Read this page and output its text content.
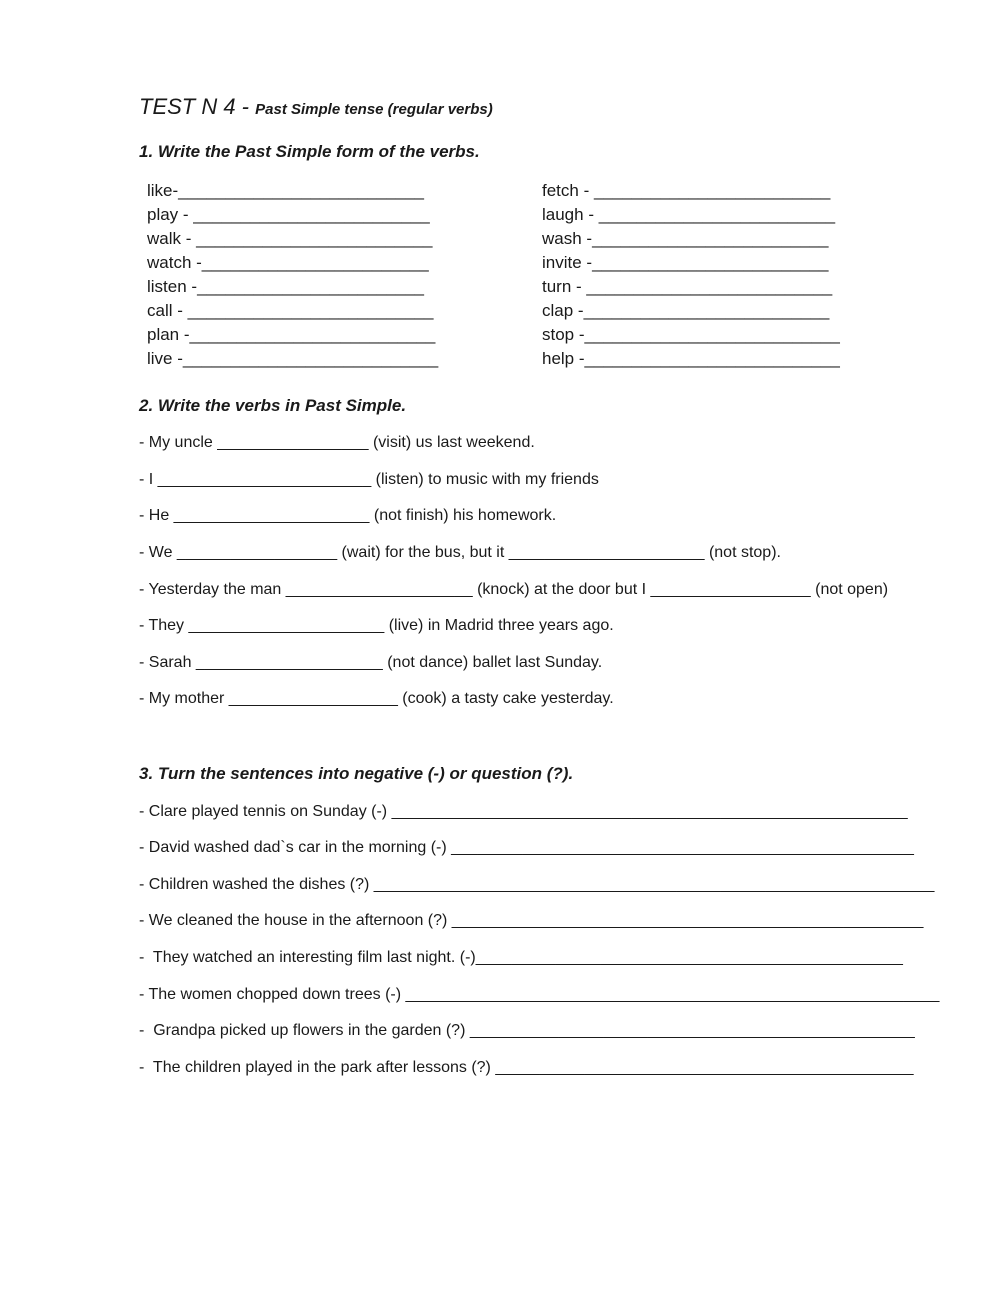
TEST N 4 - Past Simple tense (regular verbs)
1. Write the Past Simple form of the verbs.
like-__________________________
play - _________________________
walk - _________________________
watch -________________________
listen -________________________
call - __________________________
plan -__________________________
live -___________________________
fetch - _________________________
laugh - _________________________
wash -_________________________
invite -_________________________
turn - __________________________
clap -__________________________
stop -___________________________
help -___________________________
2. Write the verbs in Past Simple.
- My uncle _________________ (visit) us last weekend.
- I ________________________ (listen) to music with my friends
- He ______________________ (not finish) his homework.
- We __________________ (wait) for the bus, but it ______________________ (not stop).
- Yesterday the man _____________________ (knock) at the door but I __________________ (not open)
- They ______________________ (live) in Madrid three years ago.
- Sarah _____________________ (not dance) ballet last Sunday.
- My mother ___________________ (cook) a tasty cake yesterday.
3. Turn the sentences into negative (-) or question (?).
- Clare played tennis on Sunday (-) __________________________________________________________
- David washed dad`s car in the morning (-) ____________________________________________________
- Children washed the dishes (?) _______________________________________________________________
- We cleaned the house in the afternoon (?) _____________________________________________________
-  They watched an interesting film last night. (-)________________________________________________
- The women chopped down trees (-) ____________________________________________________________
-  Grandpa picked up flowers in the garden (?) __________________________________________________
-  The children played in the park after lessons (?) _______________________________________________
